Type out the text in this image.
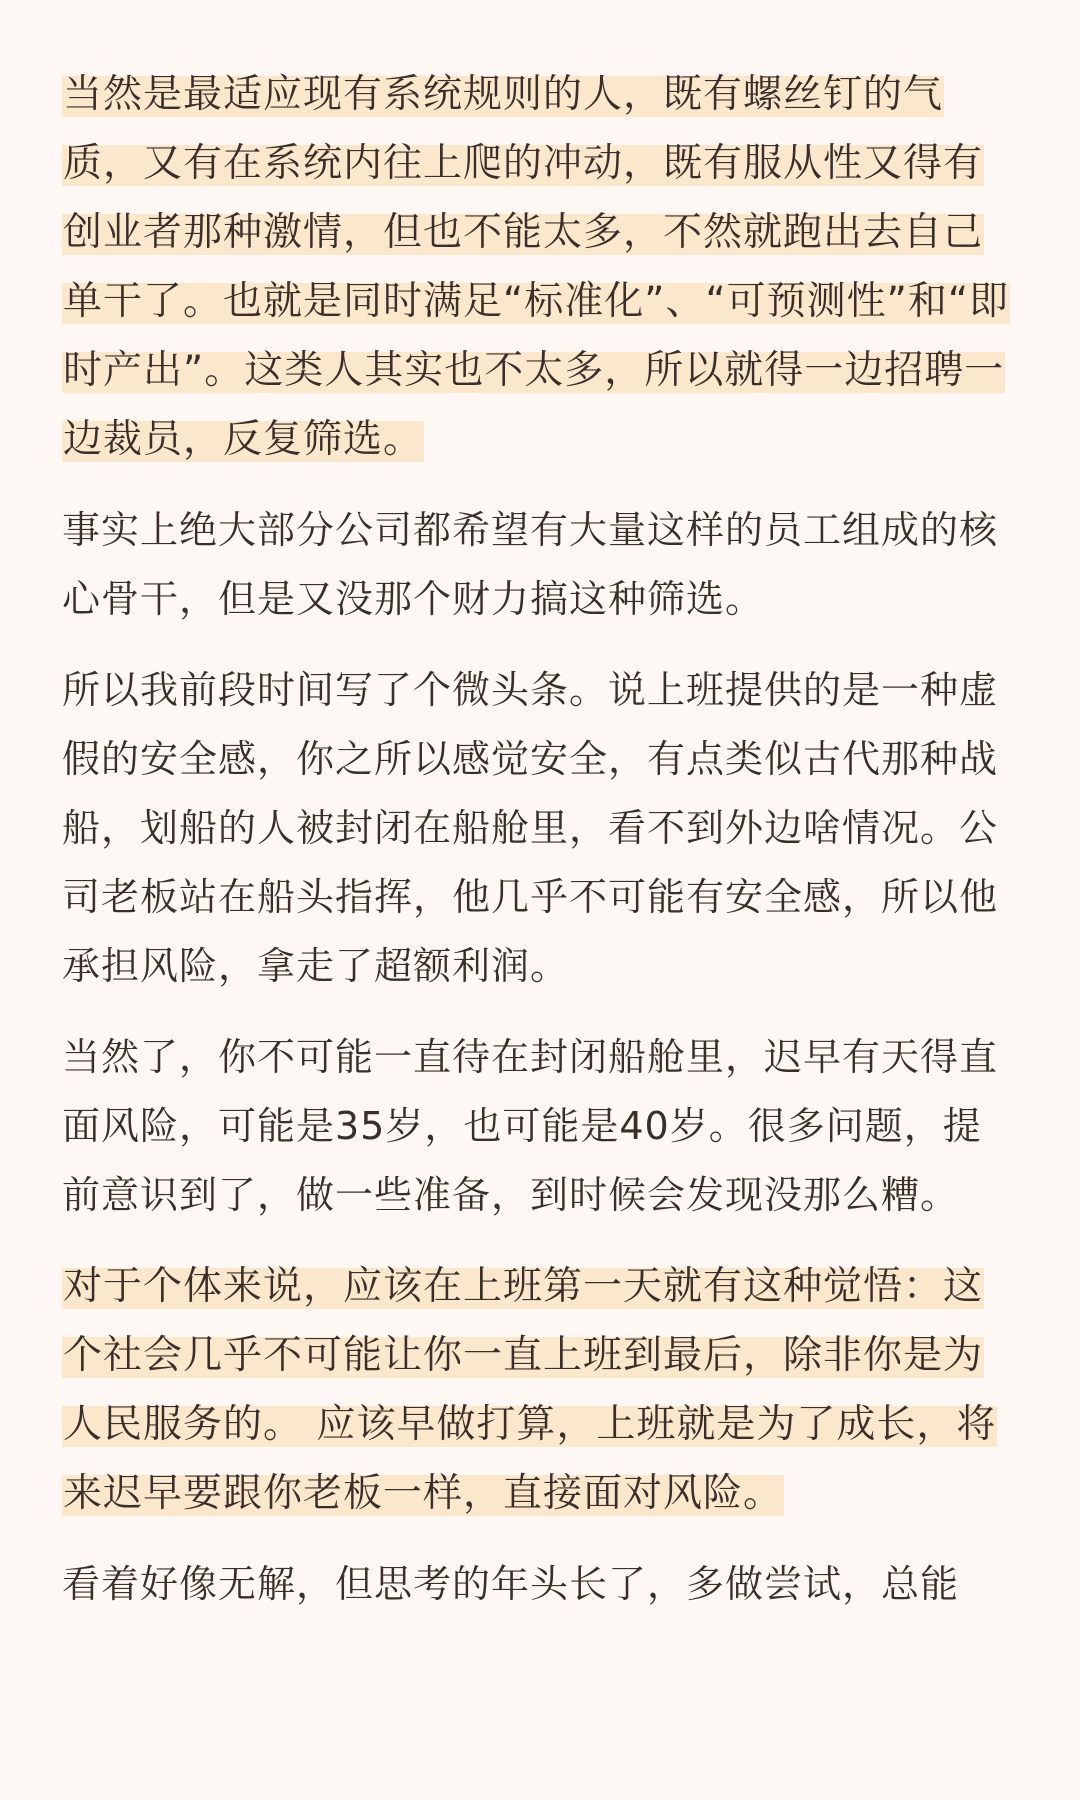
当然是最适应现有系统规则的人，既有螺丝钉的气质，又有在系统内往上爬的冲动，既有服从性又得有创业者那种激情，但也不能太多，不然就跑出去自己单干了。也就是同时满足“标准化”、“可预测性”和“即时产出”。这类人其实也不太多，所以就得一边招聘一边裁员，反复筛选。

事实上绝大部分公司都希望有大量这样的员工组成的核心骨干，但是又没那个财力搞这种筛选。

所以我前段时间写了个微头条。说上班提供的是一种虚假的安全感，你之所以感觉安全，有点类似古代那种战船，划船的人被封闭在船舱里，看不到外边啥情况。公司老板站在船头指挥，他几乎不可能有安全感，所以他承担风险，拿走了超额利润。

当然了，你不可能一直待在封闭船舱里，迟早有天得直面风险，可能是35岁，也可能是40岁。很多问题，提前意识到了，做一些准备，到时候会发现没那么糟。

对于个体来说，应该在上班第一天就有这种觉悟：这个社会几乎不可能让你一直上班到最后，除非你是为人民服务的。 应该早做打算，上班就是为了成长，将来迟早要跟你老板一样，直接面对风险。

看着好像无解，但思考的年头长了，多做尝试，总能
